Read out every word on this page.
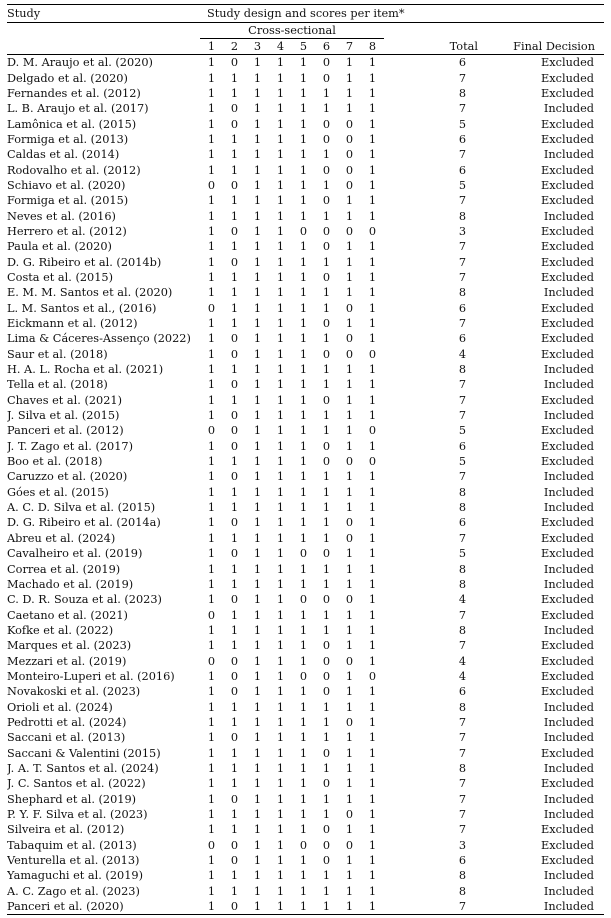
Study	Study design and scores per item*									
	Cross-sectional									
	1	2	3	4	5	6	7	8	Total	Final Decision
D. M. Araujo et al. (2020)	1	0	1	1	1	0	1	1	6	Excluded
Delgado et al. (2020)	1	1	1	1	1	0	1	1	7	Excluded
Fernandes et al. (2012)	1	1	1	1	1	1	1	1	8	Excluded
L. B. Araujo et al. (2017)	1	0	1	1	1	1	1	1	7	Included
Lamônica et al. (2015)	1	0	1	1	1	0	0	1	5	Excluded
Formiga et al. (2013)	1	1	1	1	1	0	0	1	6	Excluded
Caldas et al. (2014)	1	1	1	1	1	1	0	1	7	Included
Rodovalho et al. (2012)	1	1	1	1	1	0	0	1	6	Excluded
Schiavo et al. (2020)	0	0	1	1	1	1	0	1	5	Excluded
Formiga et al. (2015)	1	1	1	1	1	0	1	1	7	Excluded
Neves et al. (2016)	1	1	1	1	1	1	1	1	8	Included
Herrero et al. (2012)	1	0	1	1	0	0	0	0	3	Excluded
Paula et al. (2020)	1	1	1	1	1	0	1	1	7	Excluded
D. G. Ribeiro et al. (2014b)	1	0	1	1	1	1	1	1	7	Excluded
Costa et al. (2015)	1	1	1	1	1	0	1	1	7	Excluded
E. M. M. Santos et al. (2020)	1	1	1	1	1	1	1	1	8	Included
L. M. Santos et al., (2016)	0	1	1	1	1	1	0	1	6	Excluded
Eickmann et al. (2012)	1	1	1	1	1	0	1	1	7	Excluded
Lima & Cáceres-Assenço (2022)	1	0	1	1	1	1	0	1	6	Excluded
Saur et al. (2018)	1	0	1	1	1	0	0	0	4	Excluded
H. A. L. Rocha et al. (2021)	1	1	1	1	1	1	1	1	8	Included
Tella et al. (2018)	1	0	1	1	1	1	1	1	7	Included
Chaves et al. (2021)	1	1	1	1	1	0	1	1	7	Excluded
J. Silva et al. (2015)	1	0	1	1	1	1	1	1	7	Included
Panceri et al. (2012)	0	0	1	1	1	1	1	0	5	Excluded
J. T. Zago et al. (2017)	1	0	1	1	1	0	1	1	6	Excluded
Boo et al. (2018)	1	1	1	1	1	0	0	0	5	Excluded
Caruzzo et al. (2020)	1	0	1	1	1	1	1	1	7	Included
Góes et al. (2015)	1	1	1	1	1	1	1	1	8	Included
A. C. D. Silva et al. (2015)	1	1	1	1	1	1	1	1	8	Included
D. G. Ribeiro et al. (2014a)	1	0	1	1	1	1	0	1	6	Excluded
Abreu et al. (2024)	1	1	1	1	1	1	0	1	7	Excluded
Cavalheiro et al. (2019)	1	0	1	1	0	0	1	1	5	Excluded
Correa et al. (2019)	1	1	1	1	1	1	1	1	8	Included
Machado et al. (2019)	1	1	1	1	1	1	1	1	8	Included
C. D. R. Souza et al. (2023)	1	0	1	1	0	0	0	1	4	Excluded
Caetano et al. (2021)	0	1	1	1	1	1	1	1	7	Excluded
Kofke et al. (2022)	1	1	1	1	1	1	1	1	8	Included
Marques et al. (2023)	1	1	1	1	1	0	1	1	7	Excluded
Mezzari et al. (2019)	0	0	1	1	1	0	0	1	4	Excluded
Monteiro-Luperi et al. (2016)	1	0	1	1	0	0	1	0	4	Excluded
Novakoski et al. (2023)	1	0	1	1	1	0	1	1	6	Excluded
Orioli et al. (2024)	1	1	1	1	1	1	1	1	8	Included
Pedrotti et al. (2024)	1	1	1	1	1	1	0	1	7	Included
Saccani et al. (2013)	1	0	1	1	1	1	1	1	7	Included
Saccani & Valentini (2015)	1	1	1	1	1	0	1	1	7	Excluded
J. A. T. Santos et al. (2024)	1	1	1	1	1	1	1	1	8	Included
J. C. Santos et al. (2022)	1	1	1	1	1	0	1	1	7	Excluded
Shephard et al. (2019)	1	0	1	1	1	1	1	1	7	Included
P. Y. F. Silva et al. (2023)	1	1	1	1	1	1	0	1	7	Included
Silveira et al. (2012)	1	1	1	1	1	0	1	1	7	Excluded
Tabaquim et al. (2013)	0	0	1	1	0	0	0	1	3	Excluded
Venturella et al. (2013)	1	0	1	1	1	0	1	1	6	Excluded
Yamaguchi et al. (2019)	1	1	1	1	1	1	1	1	8	Included
A. C. Zago et al. (2023)	1	1	1	1	1	1	1	1	8	Included
Panceri et al. (2020)	1	0	1	1	1	1	1	1	7	Included
